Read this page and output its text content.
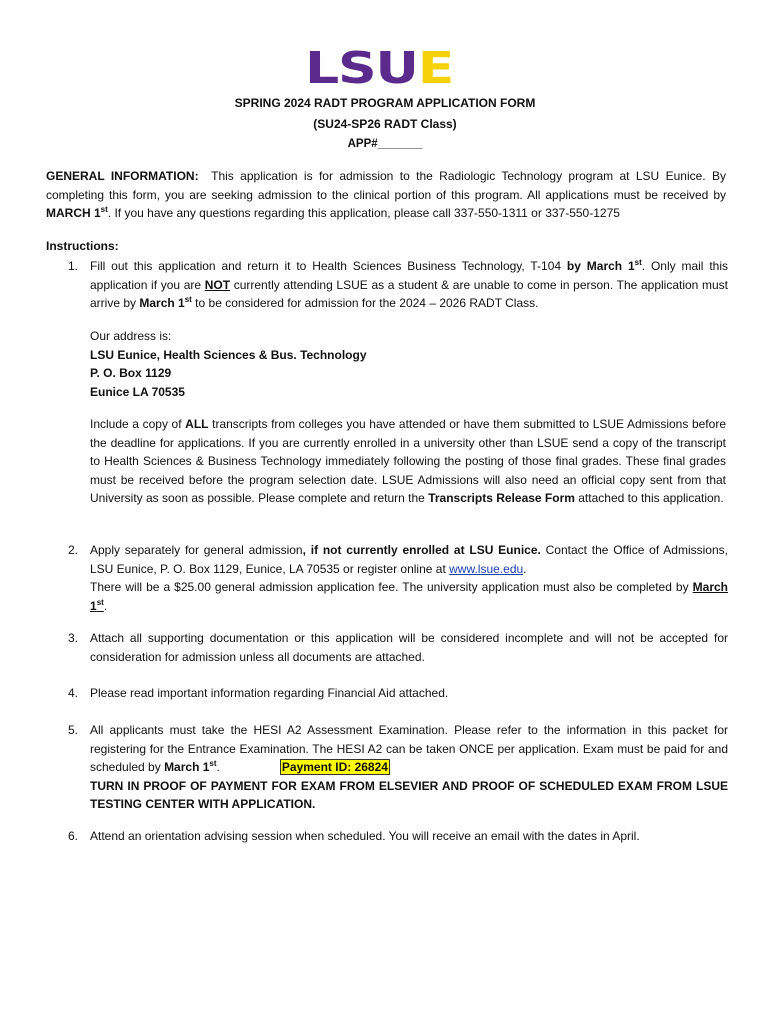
LSUE
SPRING 2024 RADT PROGRAM APPLICATION FORM
(SU24-SP26 RADT Class)
APP#_______
GENERAL INFORMATION: This application is for admission to the Radiologic Technology program at LSU Eunice. By completing this form, you are seeking admission to the clinical portion of this program. All applications must be received by MARCH 1st. If you have any questions regarding this application, please call 337-550-1311 or 337-550-1275
Instructions:
1. Fill out this application and return it to Health Sciences Business Technology, T-104 by March 1st. Only mail this application if you are NOT currently attending LSUE as a student & are unable to come in person. The application must arrive by March 1st to be considered for admission for the 2024 – 2026 RADT Class.
Our address is:
LSU Eunice, Health Sciences & Bus. Technology
P. O. Box 1129
Eunice LA 70535
Include a copy of ALL transcripts from colleges you have attended or have them submitted to LSUE Admissions before the deadline for applications. If you are currently enrolled in a university other than LSUE send a copy of the transcript to Health Sciences & Business Technology immediately following the posting of those final grades. These final grades must be received before the program selection date. LSUE Admissions will also need an official copy sent from that University as soon as possible. Please complete and return the Transcripts Release Form attached to this application.
2. Apply separately for general admission, if not currently enrolled at LSU Eunice. Contact the Office of Admissions, LSU Eunice, P. O. Box 1129, Eunice, LA 70535 or register online at www.lsue.edu.
There will be a $25.00 general admission application fee. The university application must also be completed by March 1st.
3. Attach all supporting documentation or this application will be considered incomplete and will not be accepted for consideration for admission unless all documents are attached.
4. Please read important information regarding Financial Aid attached.
5. All applicants must take the HESI A2 Assessment Examination. Please refer to the information in this packet for registering for the Entrance Examination. The HESI A2 can be taken ONCE per application. Exam must be paid for and scheduled by March 1st.	Payment ID: 26824
TURN IN PROOF OF PAYMENT FOR EXAM FROM ELSEVIER AND PROOF OF SCHEDULED EXAM FROM LSUE TESTING CENTER WITH APPLICATION.
6. Attend an orientation advising session when scheduled. You will receive an email with the dates in April.
